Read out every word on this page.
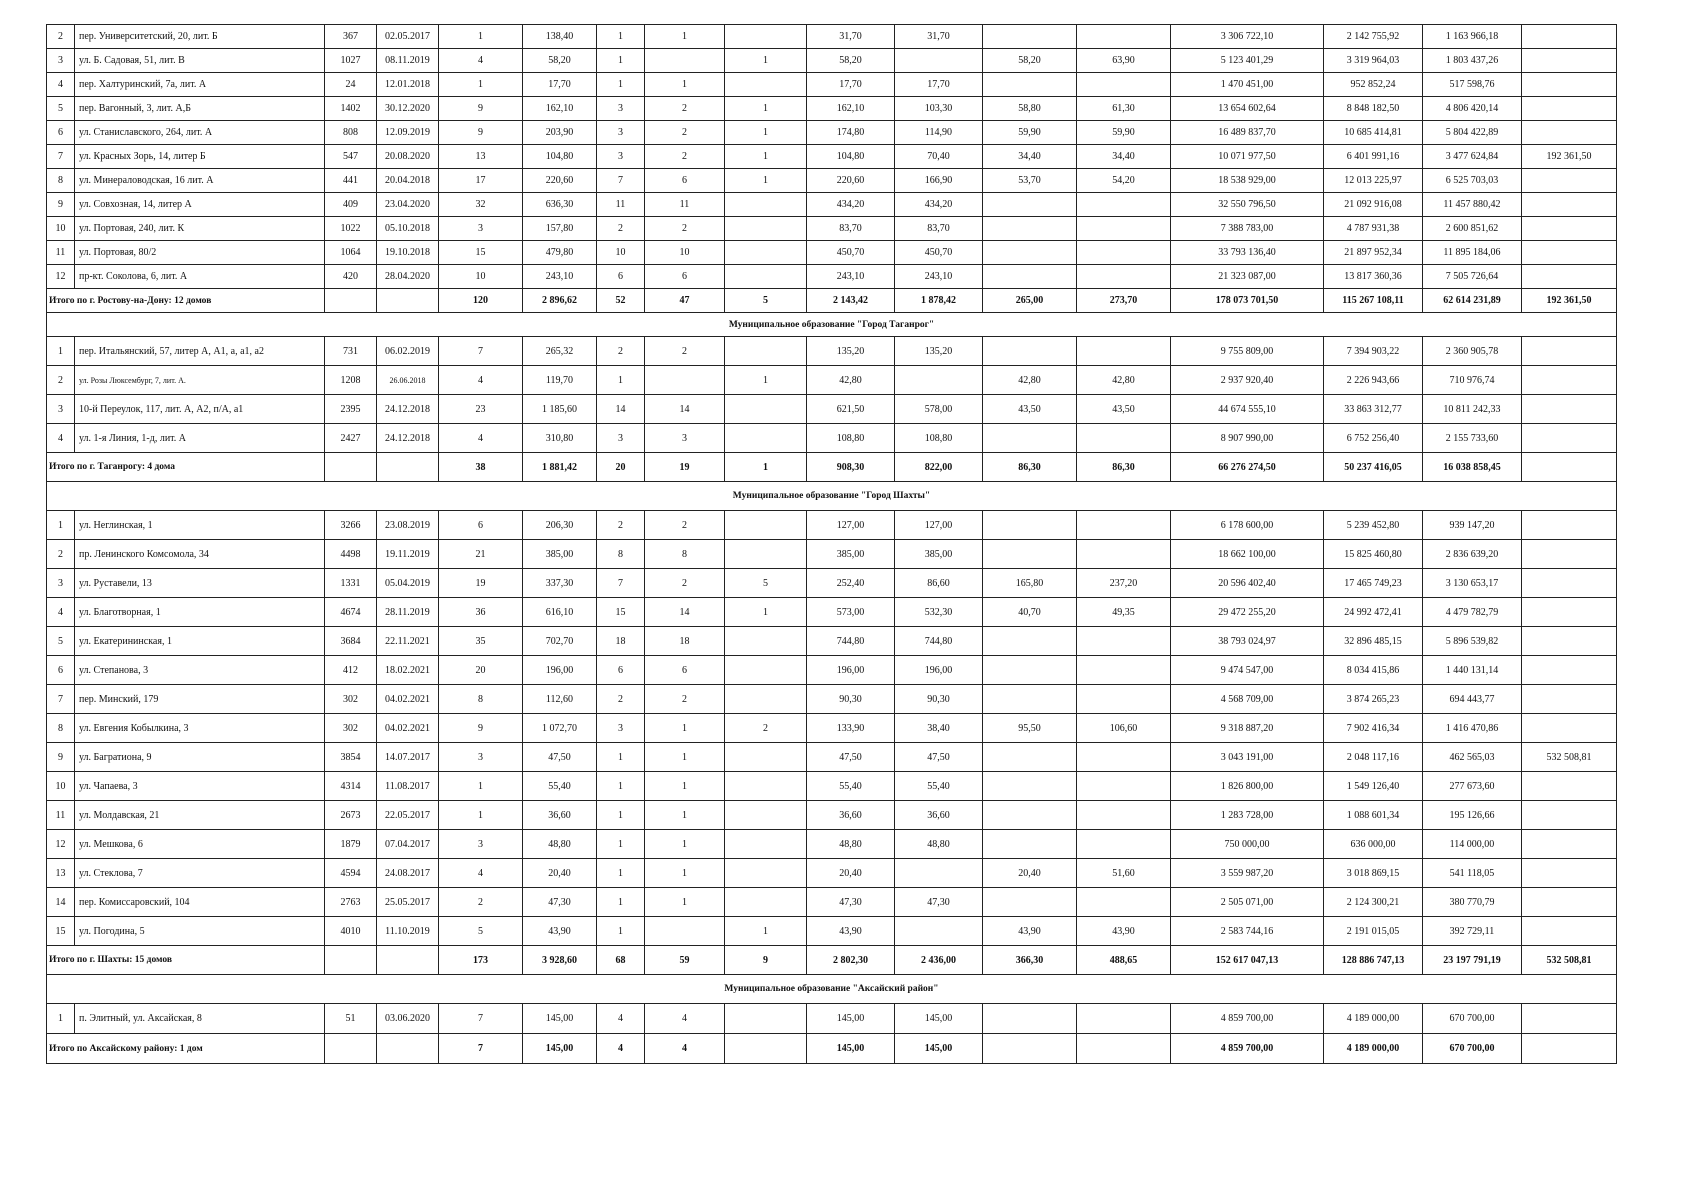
2	пер. Университетский, 20, лит. Б	367	02.05.2017	1	138,40	1	1		31,70	31,70			3 306 722,10	2 142 755,92	1 163 966,18	
3	ул. Б. Садовая, 51, лит. В	1027	08.11.2019	4	58,20	1		1	58,20		58,20	63,90	5 123 401,29	3 319 964,03	1 803 437,26	
4	пер. Халтуринский, 7а, лит. А	24	12.01.2018	1	17,70	1	1		17,70	17,70			1 470 451,00	952 852,24	517 598,76	
5	пер. Вагонный, 3, лит. А,Б	1402	30.12.2020	9	162,10	3	2	1	162,10	103,30	58,80	61,30	13 654 602,64	8 848 182,50	4 806 420,14	
6	ул. Станиславского, 264, лит. А	808	12.09.2019	9	203,90	3	2	1	174,80	114,90	59,90	59,90	16 489 837,70	10 685 414,81	5 804 422,89	
7	ул. Красных Зорь, 14, литер Б	547	20.08.2020	13	104,80	3	2	1	104,80	70,40	34,40	34,40	10 071 977,50	6 401 991,16	3 477 624,84	192 361,50
8	ул. Минераловодская, 16 лит. А	441	20.04.2018	17	220,60	7	6	1	220,60	166,90	53,70	54,20	18 538 929,00	12 013 225,97	6 525 703,03	
9	ул. Совхозная, 14, литер А	409	23.04.2020	32	636,30	11	11		434,20	434,20			32 550 796,50	21 092 916,08	11 457 880,42	
10	ул. Портовая, 240, лит. К	1022	05.10.2018	3	157,80	2	2		83,70	83,70			7 388 783,00	4 787 931,38	2 600 851,62	
11	ул. Портовая, 80/2	1064	19.10.2018	15	479,80	10	10		450,70	450,70			33 793 136,40	21 897 952,34	11 895 184,06	
12	пр-кт. Соколова, 6, лит. А	420	28.04.2020	10	243,10	6	6		243,10	243,10			21 323 087,00	13 817 360,36	7 505 726,64	
Итого по г. Ростову-на-Дону: 12 домов				120	2 896,62	52	47	5	2 143,42	1 878,42	265,00	273,70	178 073 701,50	115 267 108,11	62 614 231,89	192 361,50
Муниципальное образование "Город Таганрог"																
1	пер. Итальянский, 57, литер А, А1, а, а1, а2	731	06.02.2019	7	265,32	2	2		135,20	135,20			9 755 809,00	7 394 903,22	2 360 905,78	
2	ул. Розы Люксембург, 7, лит. А.	1208	26.06.2018	4	119,70	1		1	42,80		42,80	42,80	2 937 920,40	2 226 943,66	710 976,74	
3	10-й Переулок, 117, лит. А, А2, п/А, а1	2395	24.12.2018	23	1 185,60	14	14		621,50	578,00	43,50	43,50	44 674 555,10	33 863 312,77	10 811 242,33	
4	ул. 1-я Линия, 1-д, лит. А	2427	24.12.2018	4	310,80	3	3		108,80	108,80			8 907 990,00	6 752 256,40	2 155 733,60	
Итого по г. Таганрогу: 4 дома				38	1 881,42	20	19	1	908,30	822,00	86,30	86,30	66 276 274,50	50 237 416,05	16 038 858,45	
Муниципальное образование "Город Шахты"																
1	ул. Неглинская, 1	3266	23.08.2019	6	206,30	2	2		127,00	127,00			6 178 600,00	5 239 452,80	939 147,20	
2	пр. Ленинского Комсомола, 34	4498	19.11.2019	21	385,00	8	8		385,00	385,00			18 662 100,00	15 825 460,80	2 836 639,20	
3	ул. Руставели, 13	1331	05.04.2019	19	337,30	7	2	5	252,40	86,60	165,80	237,20	20 596 402,40	17 465 749,23	3 130 653,17	
4	ул. Благотворная, 1	4674	28.11.2019	36	616,10	15	14	1	573,00	532,30	40,70	49,35	29 472 255,20	24 992 472,41	4 479 782,79	
5	ул. Екатерининская, 1	3684	22.11.2021	35	702,70	18	18		744,80	744,80			38 793 024,97	32 896 485,15	5 896 539,82	
6	ул. Степанова, 3	412	18.02.2021	20	196,00	6	6		196,00	196,00			9 474 547,00	8 034 415,86	1 440 131,14	
7	пер. Минский, 179	302	04.02.2021	8	112,60	2	2		90,30	90,30			4 568 709,00	3 874 265,23	694 443,77	
8	ул. Евгения Кобылкина, 3	302	04.02.2021	9	1 072,70	3	1	2	133,90	38,40	95,50	106,60	9 318 887,20	7 902 416,34	1 416 470,86	
9	ул. Багратиона, 9	3854	14.07.2017	3	47,50	1	1		47,50	47,50			3 043 191,00	2 048 117,16	462 565,03	532 508,81
10	ул. Чапаева, 3	4314	11.08.2017	1	55,40	1	1		55,40	55,40			1 826 800,00	1 549 126,40	277 673,60	
11	ул. Молдавская, 21	2673	22.05.2017	1	36,60	1	1		36,60	36,60			1 283 728,00	1 088 601,34	195 126,66	
12	ул. Мешкова, 6	1879	07.04.2017	3	48,80	1	1		48,80	48,80			750 000,00	636 000,00	114 000,00	
13	ул. Стеклова, 7	4594	24.08.2017	4	20,40	1	1		20,40		20,40	51,60	3 559 987,20	3 018 869,15	541 118,05	
14	пер. Комиссаровский, 104	2763	25.05.2017	2	47,30	1	1		47,30	47,30			2 505 071,00	2 124 300,21	380 770,79	
15	ул. Погодина, 5	4010	11.10.2019	5	43,90	1		1	43,90		43,90	43,90	2 583 744,16	2 191 015,05	392 729,11	
Итого по г. Шахты: 15 домов				173	3 928,60	68	59	9	2 802,30	2 436,00	366,30	488,65	152 617 047,13	128 886 747,13	23 197 791,19	532 508,81
Муниципальное образование "Аксайский район"																
1	п. Элитный, ул. Аксайская, 8	51	03.06.2020	7	145,00	4	4		145,00	145,00			4 859 700,00	4 189 000,00	670 700,00	
Итого по Аксайскому району: 1 дом				7	145,00	4	4		145,00	145,00			4 859 700,00	4 189 000,00	670 700,00	
